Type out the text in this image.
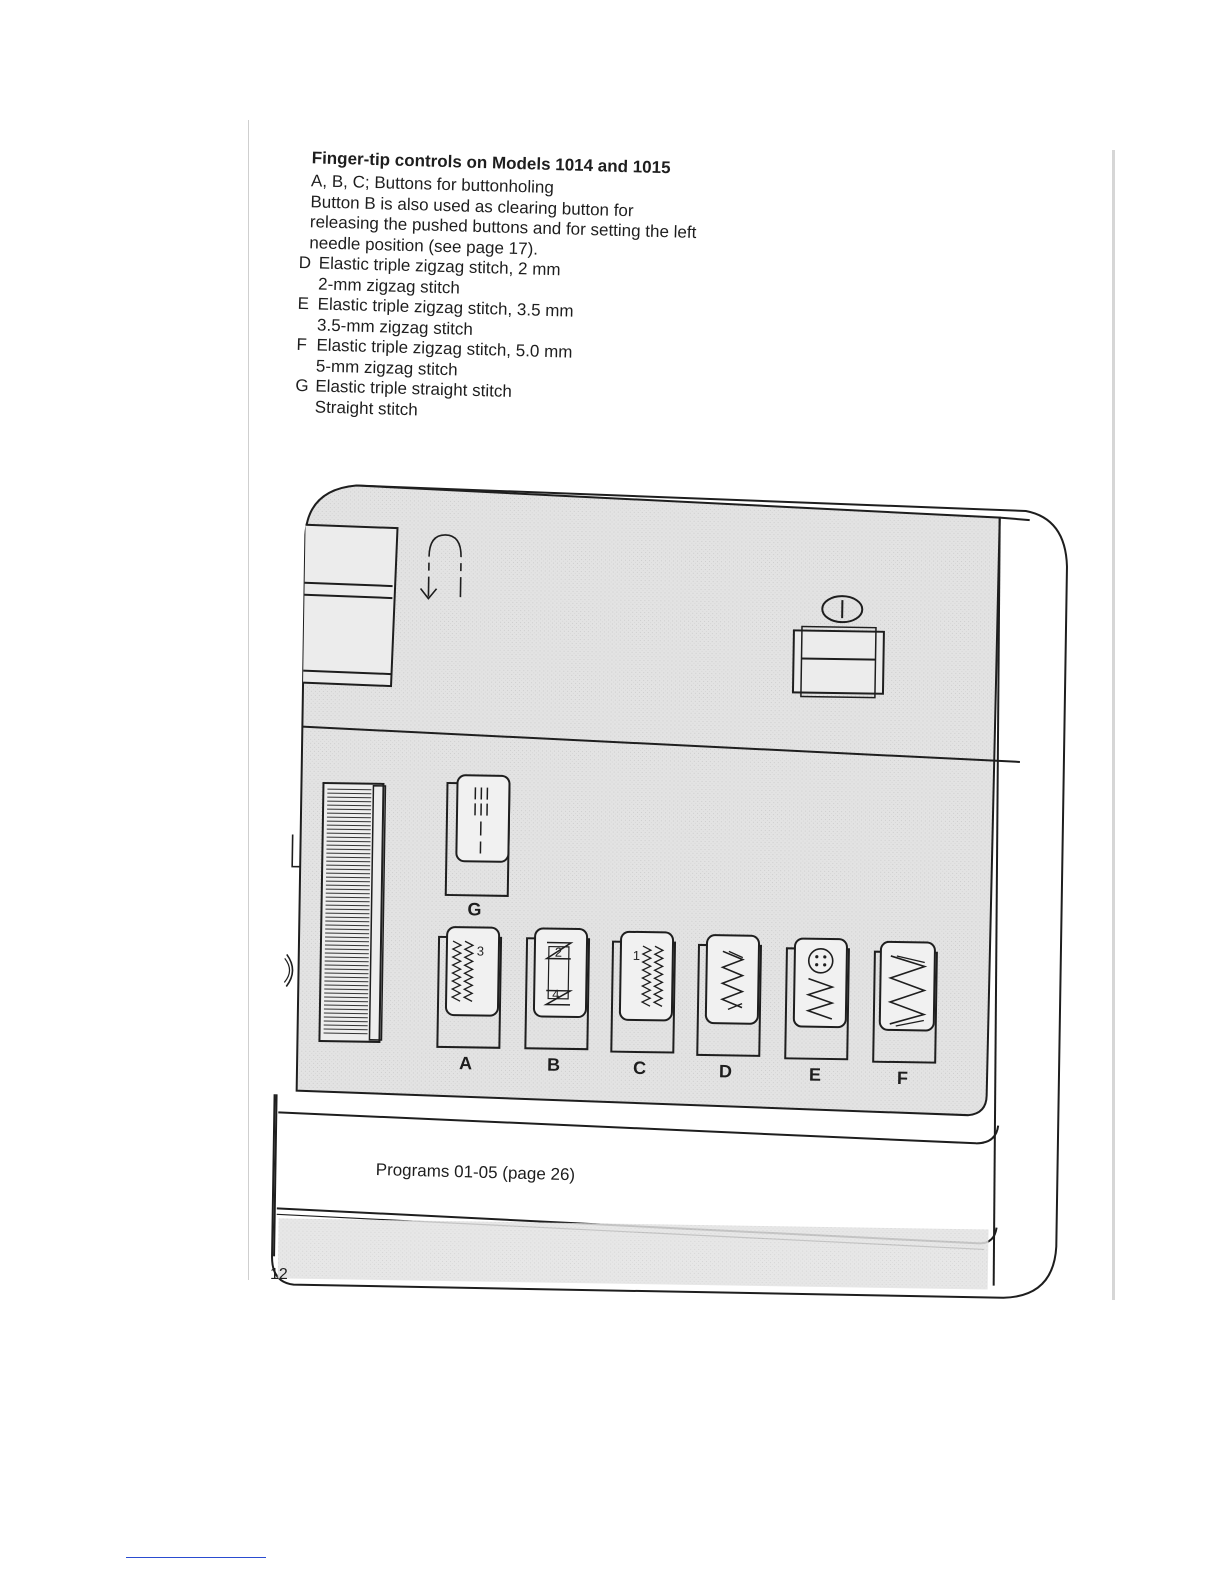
Finger-tip controls on Models 1014 and 1015
A, B, C; Buttons for buttonholing
Button B is also used as clearing button for releasing the pushed buttons and for setting the left needle position (see page 17).
D Elastic triple zigzag stitch, 2 mm
2-mm zigzag stitch
E Elastic triple zigzag stitch, 3.5 mm
3.5-mm zigzag stitch
F Elastic triple zigzag stitch, 5.0 mm
5-mm zigzag stitch
G Elastic triple straight stitch
Straight stitch
G
3
A
2
4
B
1
C	D	E	F
Programs 01-05 (page 26)
12
